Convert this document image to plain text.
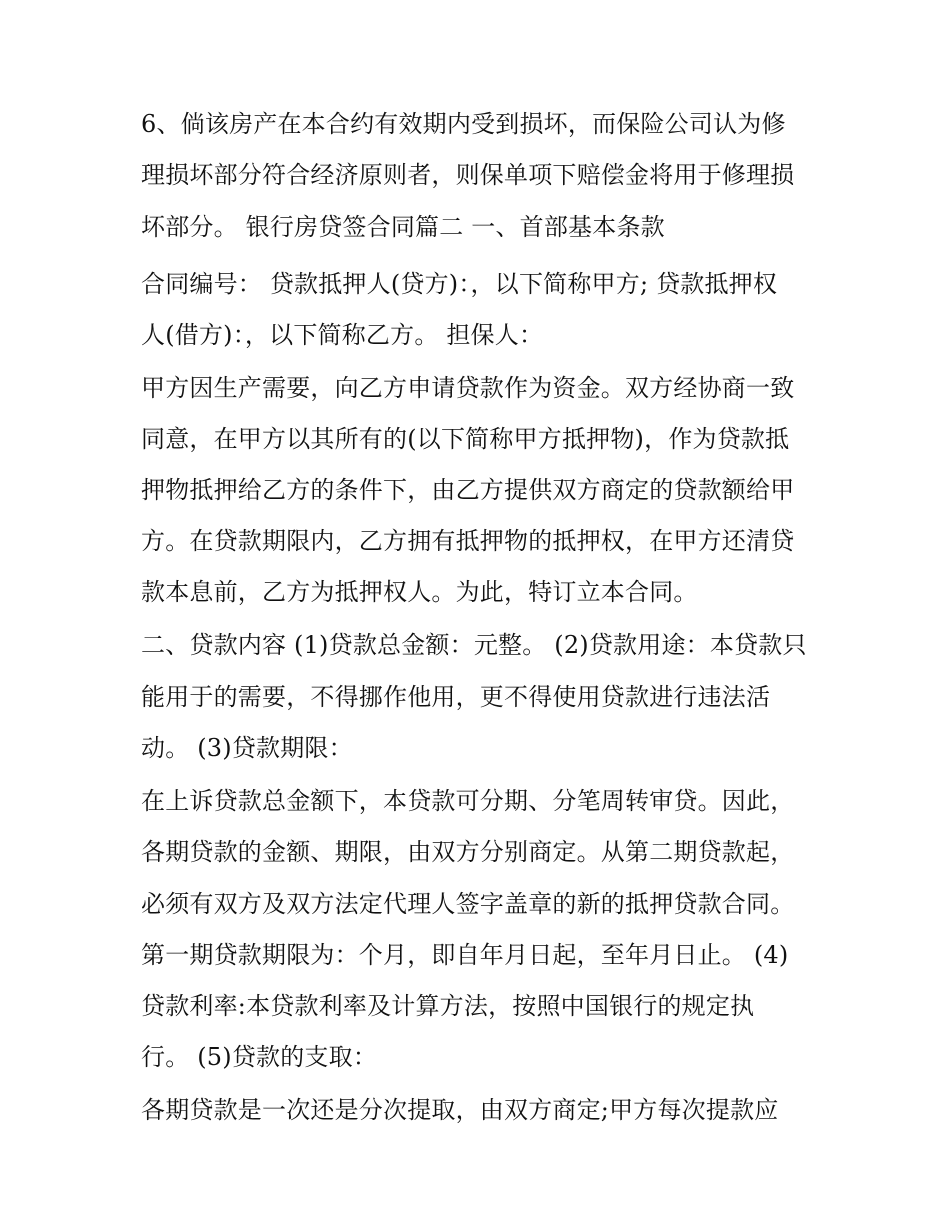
6、倘该房产在本合约有效期内受到损坏，而保险公司认为修
理损坏部分符合经济原则者，则保单项下赔偿金将用于修理损
坏部分。 银行房贷签合同篇二 一、首部基本条款
合同编号： 贷款抵押人(贷方)：，以下简称甲方; 贷款抵押权
人(借方)：，以下简称乙方。 担保人：
甲方因生产需要，向乙方申请贷款作为资金。双方经协商一致
同意，在甲方以其所有的(以下简称甲方抵押物)，作为贷款抵
押物抵押给乙方的条件下，由乙方提供双方商定的贷款额给甲
方。在贷款期限内，乙方拥有抵押物的抵押权，在甲方还清贷
款本息前，乙方为抵押权人。为此，特订立本合同。
二、贷款内容 (1)贷款总金额：元整。 (2)贷款用途：本贷款只
能用于的需要，不得挪作他用，更不得使用贷款进行违法活
动。 (3)贷款期限：
在上诉贷款总金额下，本贷款可分期、分笔周转审贷。因此，
各期贷款的金额、期限，由双方分别商定。从第二期贷款起，
必须有双方及双方法定代理人签字盖章的新的抵押贷款合同。
第一期贷款期限为：个月，即自年月日起，至年月日止。 (4)
贷款利率:本贷款利率及计算方法，按照中国银行的规定执
行。 (5)贷款的支取：
各期贷款是一次还是分次提取，由双方商定;甲方每次提款应
